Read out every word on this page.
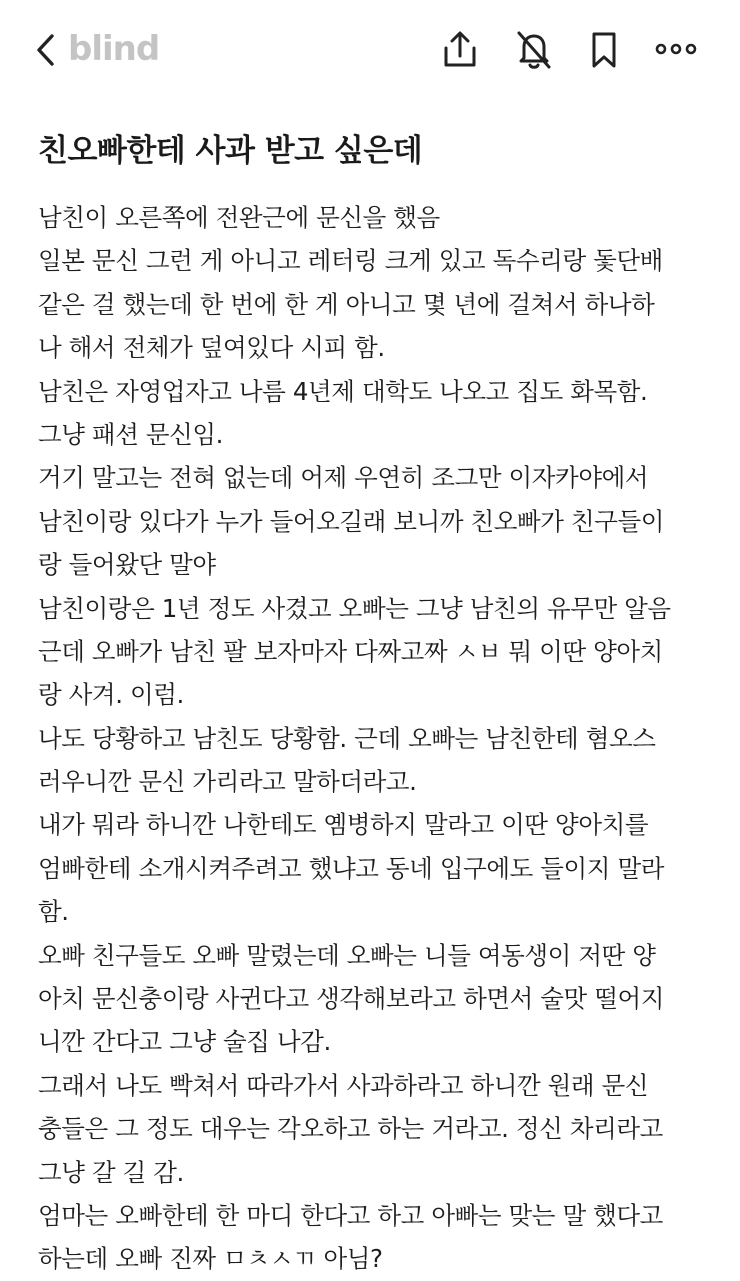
blind
친오빠한테 사과 받고 싶은데
남친이 오른쪽에 전완근에 문신을 했음
일본 문신 그런 게 아니고 레터링 크게 있고 독수리랑 돛단배
같은 걸 했는데 한 번에 한 게 아니고 몇 년에 걸쳐서 하나하
나 해서 전체가 덮여있다 시피 함.
남친은 자영업자고 나름 4년제 대학도 나오고 집도 화목함.
그냥 패션 문신임.
거기 말고는 전혀 없는데 어제 우연히 조그만 이자카야에서
남친이랑 있다가 누가 들어오길래 보니까 친오빠가 친구들이
랑 들어왔단 말야
남친이랑은 1년 정도 사겼고 오빠는 그냥 남친의 유무만 알음
근데 오빠가 남친 팔 보자마자 다짜고짜 ㅅㅂ 뭐 이딴 양아치
랑 사겨. 이럼.
나도 당황하고 남친도 당황함. 근데 오빠는 남친한테 혐오스
러우니깐 문신 가리라고 말하더라고.
내가 뭐라 하니깐 나한테도 옘병하지 말라고 이딴 양아치를
엄빠한테 소개시켜주려고 했냐고 동네 입구에도 들이지 말라
함.
오빠 친구들도 오빠 말렸는데 오빠는 니들 여동생이 저딴 양
아치 문신충이랑 사귄다고 생각해보라고 하면서 술맛 떨어지
니깐 간다고 그냥 술집 나감.
그래서 나도 빡쳐서 따라가서 사과하라고 하니깐 원래 문신
충들은 그 정도 대우는 각오하고 하는 거라고. 정신 차리라고
그냥 갈 길 감.
엄마는 오빠한테 한 마디 한다고 하고 아빠는 맞는 말 했다고
하는데 오빠 진짜 ㅁㅊㅅㄲ 아님?
